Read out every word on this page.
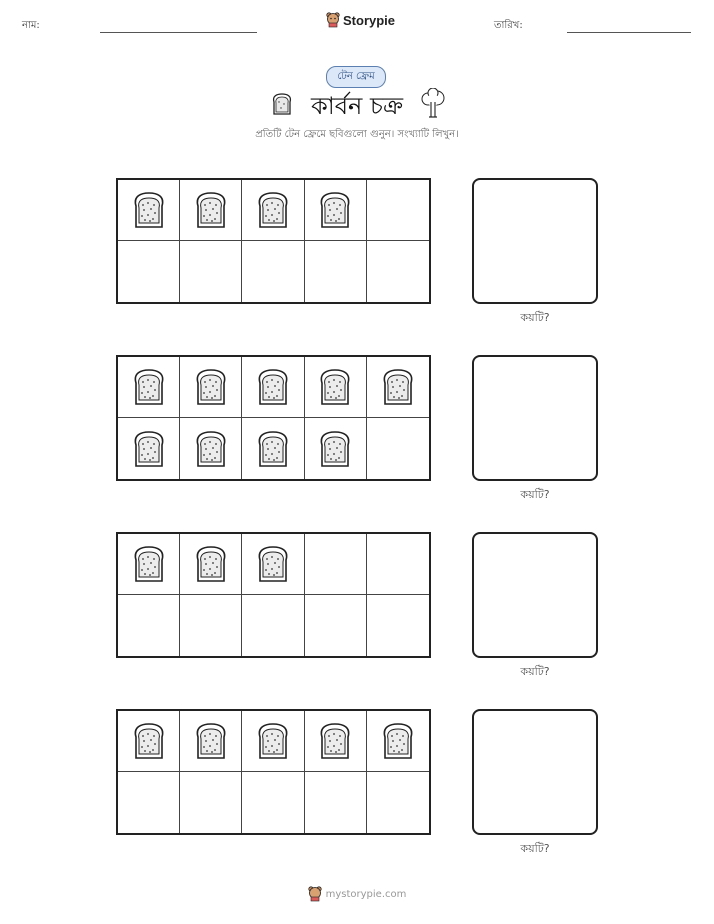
নাম:	Storypie	তারিখ:
টেন ফ্রেম
কার্বন চক্র
প্রতিটি টেন ফ্রেমে ছবিগুলো গুনুন। সংখ্যাটি লিখুন।
কয়টি?
কয়টি?
কয়টি?
কয়টি?
mystorypie.com
